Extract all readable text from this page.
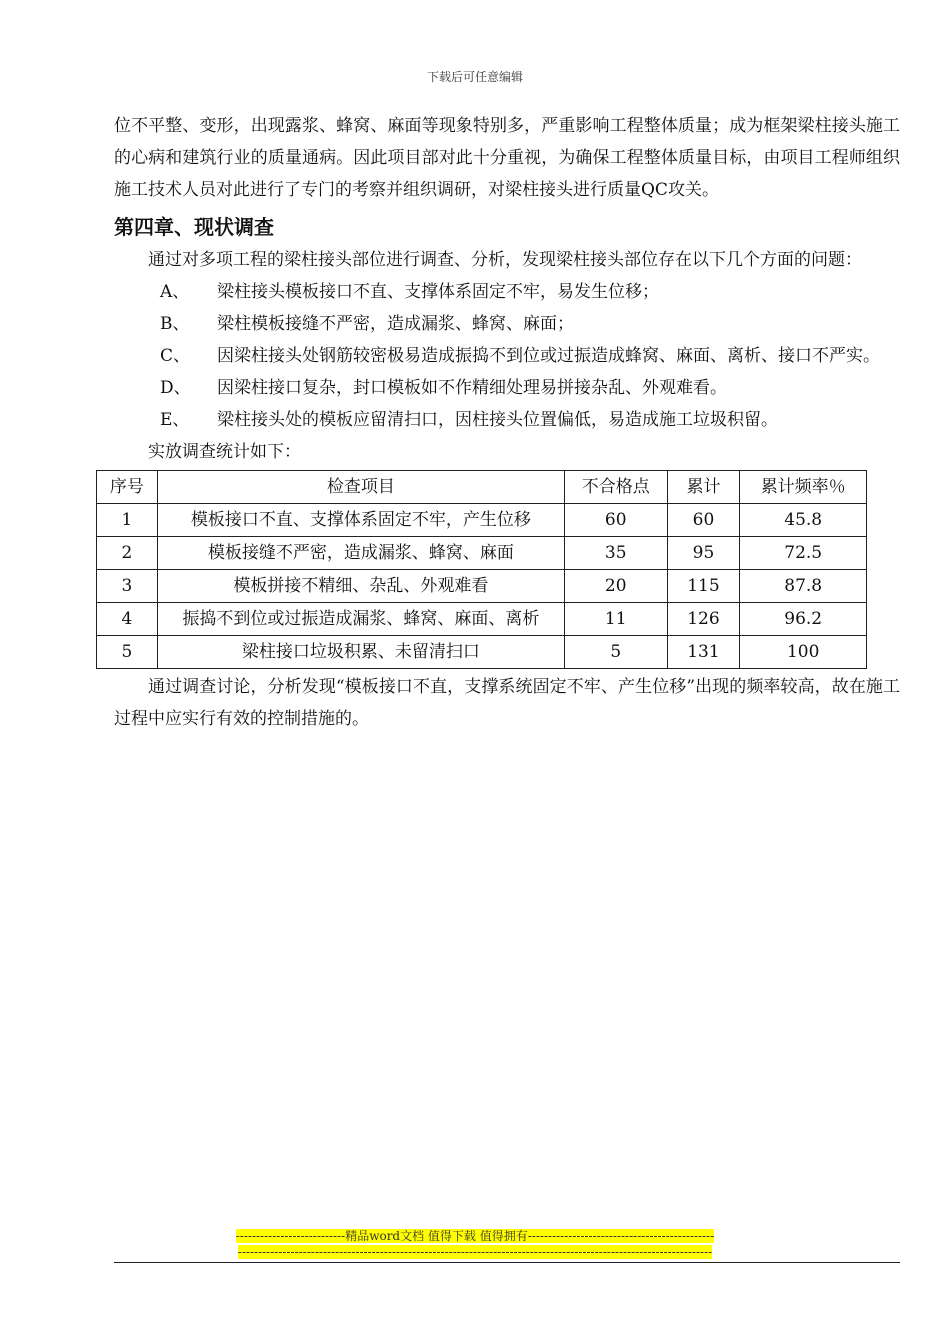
下载后可任意编辑

位不平整、变形，出现露浆、蜂窝、麻面等现象特别多，严重影响工程整体质量；成为框架梁柱接头施工的心病和建筑行业的质量通病。因此项目部对此十分重视，为确保工程整体质量目标，由项目工程师组织施工技术人员对此进行了专门的考察并组织调研，对梁柱接头进行质量QC攻关。

第四章、现状调查

通过对多项工程的梁柱接头部位进行调查、分析，发现梁柱接头部位存在以下几个方面的问题：

A、	梁柱接头模板接口不直、支撑体系固定不牢，易发生位移；
B、	梁柱模板接缝不严密，造成漏浆、蜂窝、麻面；
C、	因梁柱接头处钢筋较密极易造成振捣不到位或过振造成蜂窝、麻面、离析、接口不严实。
D、	因梁柱接口复杂，封口模板如不作精细处理易拼接杂乱、外观难看。
E、	梁柱接头处的模板应留清扫口，因柱接头位置偏低，易造成施工垃圾积留。

实放调查统计如下：

序号	检查项目	不合格点	累计	累计频率％
1	模板接口不直、支撑体系固定不牢，产生位移	60	60	45.8
2	模板接缝不严密，造成漏浆、蜂窝、麻面	35	95	72.5
3	模板拼接不精细、杂乱、外观难看	20	115	87.8
4	振捣不到位或过振造成漏浆、蜂窝、麻面、离析	11	126	96.2
5	梁柱接口垃圾积累、未留清扫口	5	131	100

通过调查讨论，分析发现“模板接口不直，支撑系统固定不牢、产生位移”出现的频率较高，故在施工过程中应实行有效的控制措施的。

---------------------------精品word文档 值得下载 值得拥有----------------------------------------------
---------------------------------------------------------------------------------------------------------------------
